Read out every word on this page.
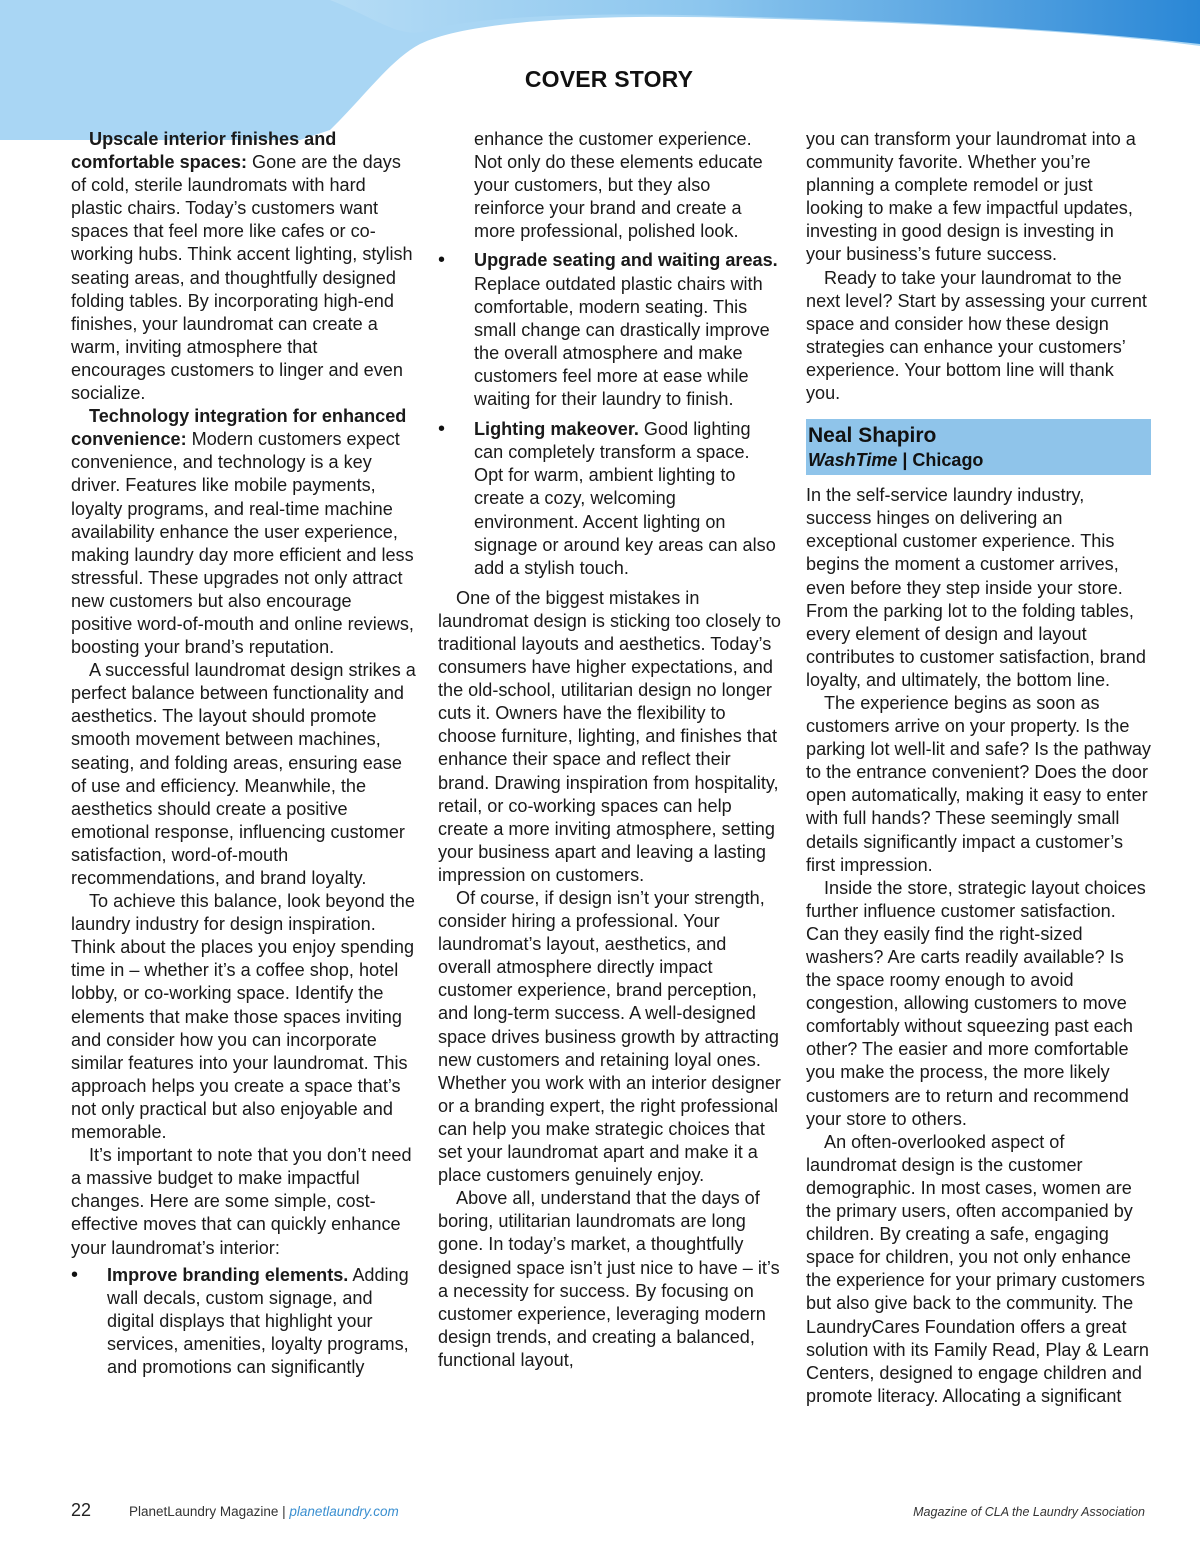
COVER STORY

Upscale interior finishes and comfortable spaces: Gone are the days of cold, sterile laundromats with hard plastic chairs. Today’s customers want spaces that feel more like cafes or co-working hubs. Think accent lighting, stylish seating areas, and thoughtfully designed folding tables. By incorporating high-end finishes, your laundromat can create a warm, inviting atmosphere that encourages customers to linger and even socialize.

Technology integration for enhanced convenience: Modern customers expect convenience, and technology is a key driver. Features like mobile payments, loyalty programs, and real-time machine availability enhance the user experience, making laundry day more efficient and less stressful. These upgrades not only attract new customers but also encourage positive word-of-mouth and online reviews, boosting your brand’s reputation.

A successful laundromat design strikes a perfect balance between functionality and aesthetics. The layout should promote smooth movement between machines, seating, and folding areas, ensuring ease of use and efficiency. Meanwhile, the aesthetics should create a positive emotional response, influencing customer satisfaction, word-of-mouth recommendations, and brand loyalty.

To achieve this balance, look beyond the laundry industry for design inspiration. Think about the places you enjoy spending time in – whether it’s a coffee shop, hotel lobby, or co-working space. Identify the elements that make those spaces inviting and consider how you can incorporate similar features into your laundromat. This approach helps you create a space that’s not only practical but also enjoyable and memorable.

It’s important to note that you don’t need a massive budget to make impactful changes. Here are some simple, cost-effective moves that can quickly enhance your laundromat’s interior:

• Improve branding elements. Adding wall decals, custom signage, and digital displays that highlight your services, amenities, loyalty programs, and promotions can significantly

enhance the customer experience. Not only do these elements educate your customers, but they also reinforce your brand and create a more professional, polished look.

• Upgrade seating and waiting areas. Replace outdated plastic chairs with comfortable, modern seating. This small change can drastically improve the overall atmosphere and make customers feel more at ease while waiting for their laundry to finish.
• Lighting makeover. Good lighting can completely transform a space. Opt for warm, ambient lighting to create a cozy, welcoming environment. Accent lighting on signage or around key areas can also add a stylish touch.

One of the biggest mistakes in laundromat design is sticking too closely to traditional layouts and aesthetics. Today’s consumers have higher expectations, and the old-school, utilitarian design no longer cuts it. Owners have the flexibility to choose furniture, lighting, and finishes that enhance their space and reflect their brand. Drawing inspiration from hospitality, retail, or co-working spaces can help create a more inviting atmosphere, setting your business apart and leaving a lasting impression on customers.

Of course, if design isn’t your strength, consider hiring a professional. Your laundromat’s layout, aesthetics, and overall atmosphere directly impact customer experience, brand perception, and long-term success. A well-designed space drives business growth by attracting new customers and retaining loyal ones. Whether you work with an interior designer or a branding expert, the right professional can help you make strategic choices that set your laundromat apart and make it a place customers genuinely enjoy.

Above all, understand that the days of boring, utilitarian laundromats are long gone. In today’s market, a thoughtfully designed space isn’t just nice to have – it’s a necessity for success. By focusing on customer experience, leveraging modern design trends, and creating a balanced, functional layout,

you can transform your laundromat into a community favorite. Whether you’re planning a complete remodel or just looking to make a few impactful updates, investing in good design is investing in your business’s future success.

Ready to take your laundromat to the next level? Start by assessing your current space and consider how these design strategies can enhance your customers’ experience. Your bottom line will thank you.

Neal Shapiro
WashTime | Chicago

In the self-service laundry industry, success hinges on delivering an exceptional customer experience. This begins the moment a customer arrives, even before they step inside your store. From the parking lot to the folding tables, every element of design and layout contributes to customer satisfaction, brand loyalty, and ultimately, the bottom line.

The experience begins as soon as customers arrive on your property. Is the parking lot well-lit and safe? Is the pathway to the entrance convenient? Does the door open automatically, making it easy to enter with full hands? These seemingly small details significantly impact a customer’s first impression.

Inside the store, strategic layout choices further influence customer satisfaction. Can they easily find the right-sized washers? Are carts readily available? Is the space roomy enough to avoid congestion, allowing customers to move comfortably without squeezing past each other? The easier and more comfortable you make the process, the more likely customers are to return and recommend your store to others.

An often-overlooked aspect of laundromat design is the customer demographic. In most cases, women are the primary users, often accompanied by children. By creating a safe, engaging space for children, you not only enhance the experience for your primary customers but also give back to the community. The LaundryCares Foundation offers a great solution with its Family Read, Play & Learn Centers, designed to engage children and promote literacy. Allocating a significant

22	PlanetLaundry Magazine | planetlaundry.com	Magazine of CLA the Laundry Association
